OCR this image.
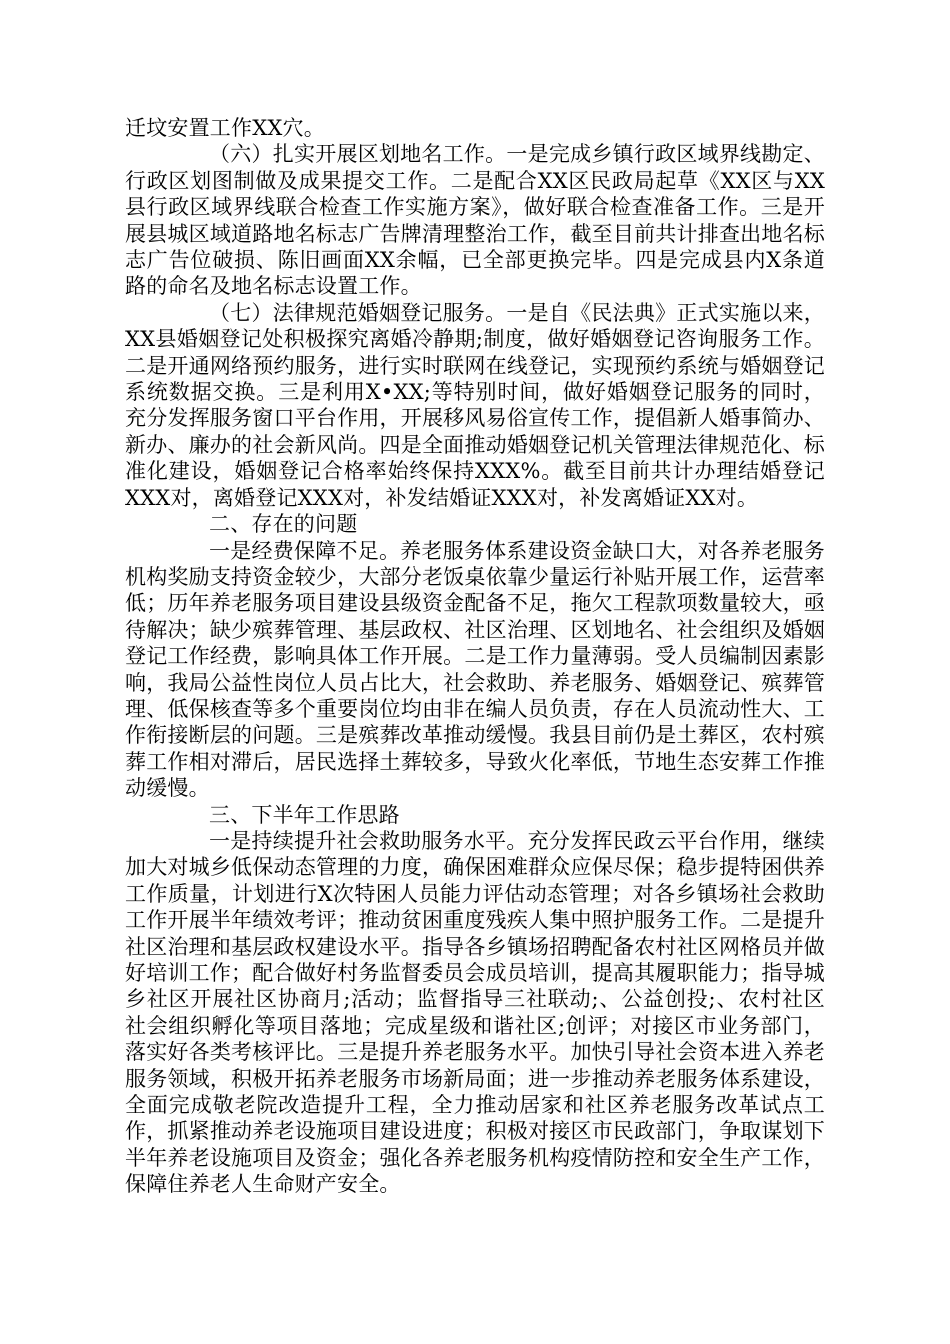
迁坟安置工作XX穴。

（六）扎实开展区划地名工作。一是完成乡镇行政区域界线勘定、行政区划图制做及成果提交工作。二是配合XX区民政局起草《XX区与XX县行政区域界线联合检查工作实施方案》，做好联合检查准备工作。三是开展县城区域道路地名标志广告牌清理整治工作，截至目前共计排查出地名标志广告位破损、陈旧画面XX余幅，已全部更换完毕。四是完成县内X条道路的命名及地名标志设置工作。

（七）法律规范婚姻登记服务。一是自《民法典》正式实施以来，XX县婚姻登记处积极探究离婚冷静期;制度，做好婚姻登记咨询服务工作。二是开通网络预约服务，进行实时联网在线登记，实现预约系统与婚姻登记系统数据交换。三是利用X•XX;等特别时间，做好婚姻登记服务的同时，充分发挥服务窗口平台作用，开展移风易俗宣传工作，提倡新人婚事简办、新办、廉办的社会新风尚。四是全面推动婚姻登记机关管理法律规范化、标准化建设，婚姻登记合格率始终保持XXX%。截至目前共计办理结婚登记XXX对，离婚登记XXX对，补发结婚证XXX对，补发离婚证XX对。

二、存在的问题

一是经费保障不足。养老服务体系建设资金缺口大，对各养老服务机构奖励支持资金较少，大部分老饭桌依靠少量运行补贴开展工作，运营率低；历年养老服务项目建设县级资金配备不足，拖欠工程款项数量较大，亟待解决；缺少殡葬管理、基层政权、社区治理、区划地名、社会组织及婚姻登记工作经费，影响具体工作开展。二是工作力量薄弱。受人员编制因素影响，我局公益性岗位人员占比大，社会救助、养老服务、婚姻登记、殡葬管理、低保核查等多个重要岗位均由非在编人员负责，存在人员流动性大、工作衔接断层的问题。三是殡葬改革推动缓慢。我县目前仍是土葬区，农村殡葬工作相对滞后，居民选择土葬较多，导致火化率低，节地生态安葬工作推动缓慢。

三、下半年工作思路

一是持续提升社会救助服务水平。充分发挥民政云平台作用，继续加大对城乡低保动态管理的力度，确保困难群众应保尽保；稳步提特困供养工作质量，计划进行X次特困人员能力评估动态管理；对各乡镇场社会救助工作开展半年绩效考评；推动贫困重度残疾人集中照护服务工作。二是提升社区治理和基层政权建设水平。指导各乡镇场招聘配备农村社区网格员并做好培训工作；配合做好村务监督委员会成员培训，提高其履职能力；指导城乡社区开展社区协商月;活动；监督指导三社联动;、公益创投;、农村社区社会组织孵化等项目落地；完成星级和谐社区;创评；对接区市业务部门，落实好各类考核评比。三是提升养老服务水平。加快引导社会资本进入养老服务领域，积极开拓养老服务市场新局面；进一步推动养老服务体系建设，全面完成敬老院改造提升工程，全力推动居家和社区养老服务改革试点工作，抓紧推动养老设施项目建设进度；积极对接区市民政部门，争取谋划下半年养老设施项目及资金；强化各养老服务机构疫情防控和安全生产工作，保障住养老人生命财产安全。
